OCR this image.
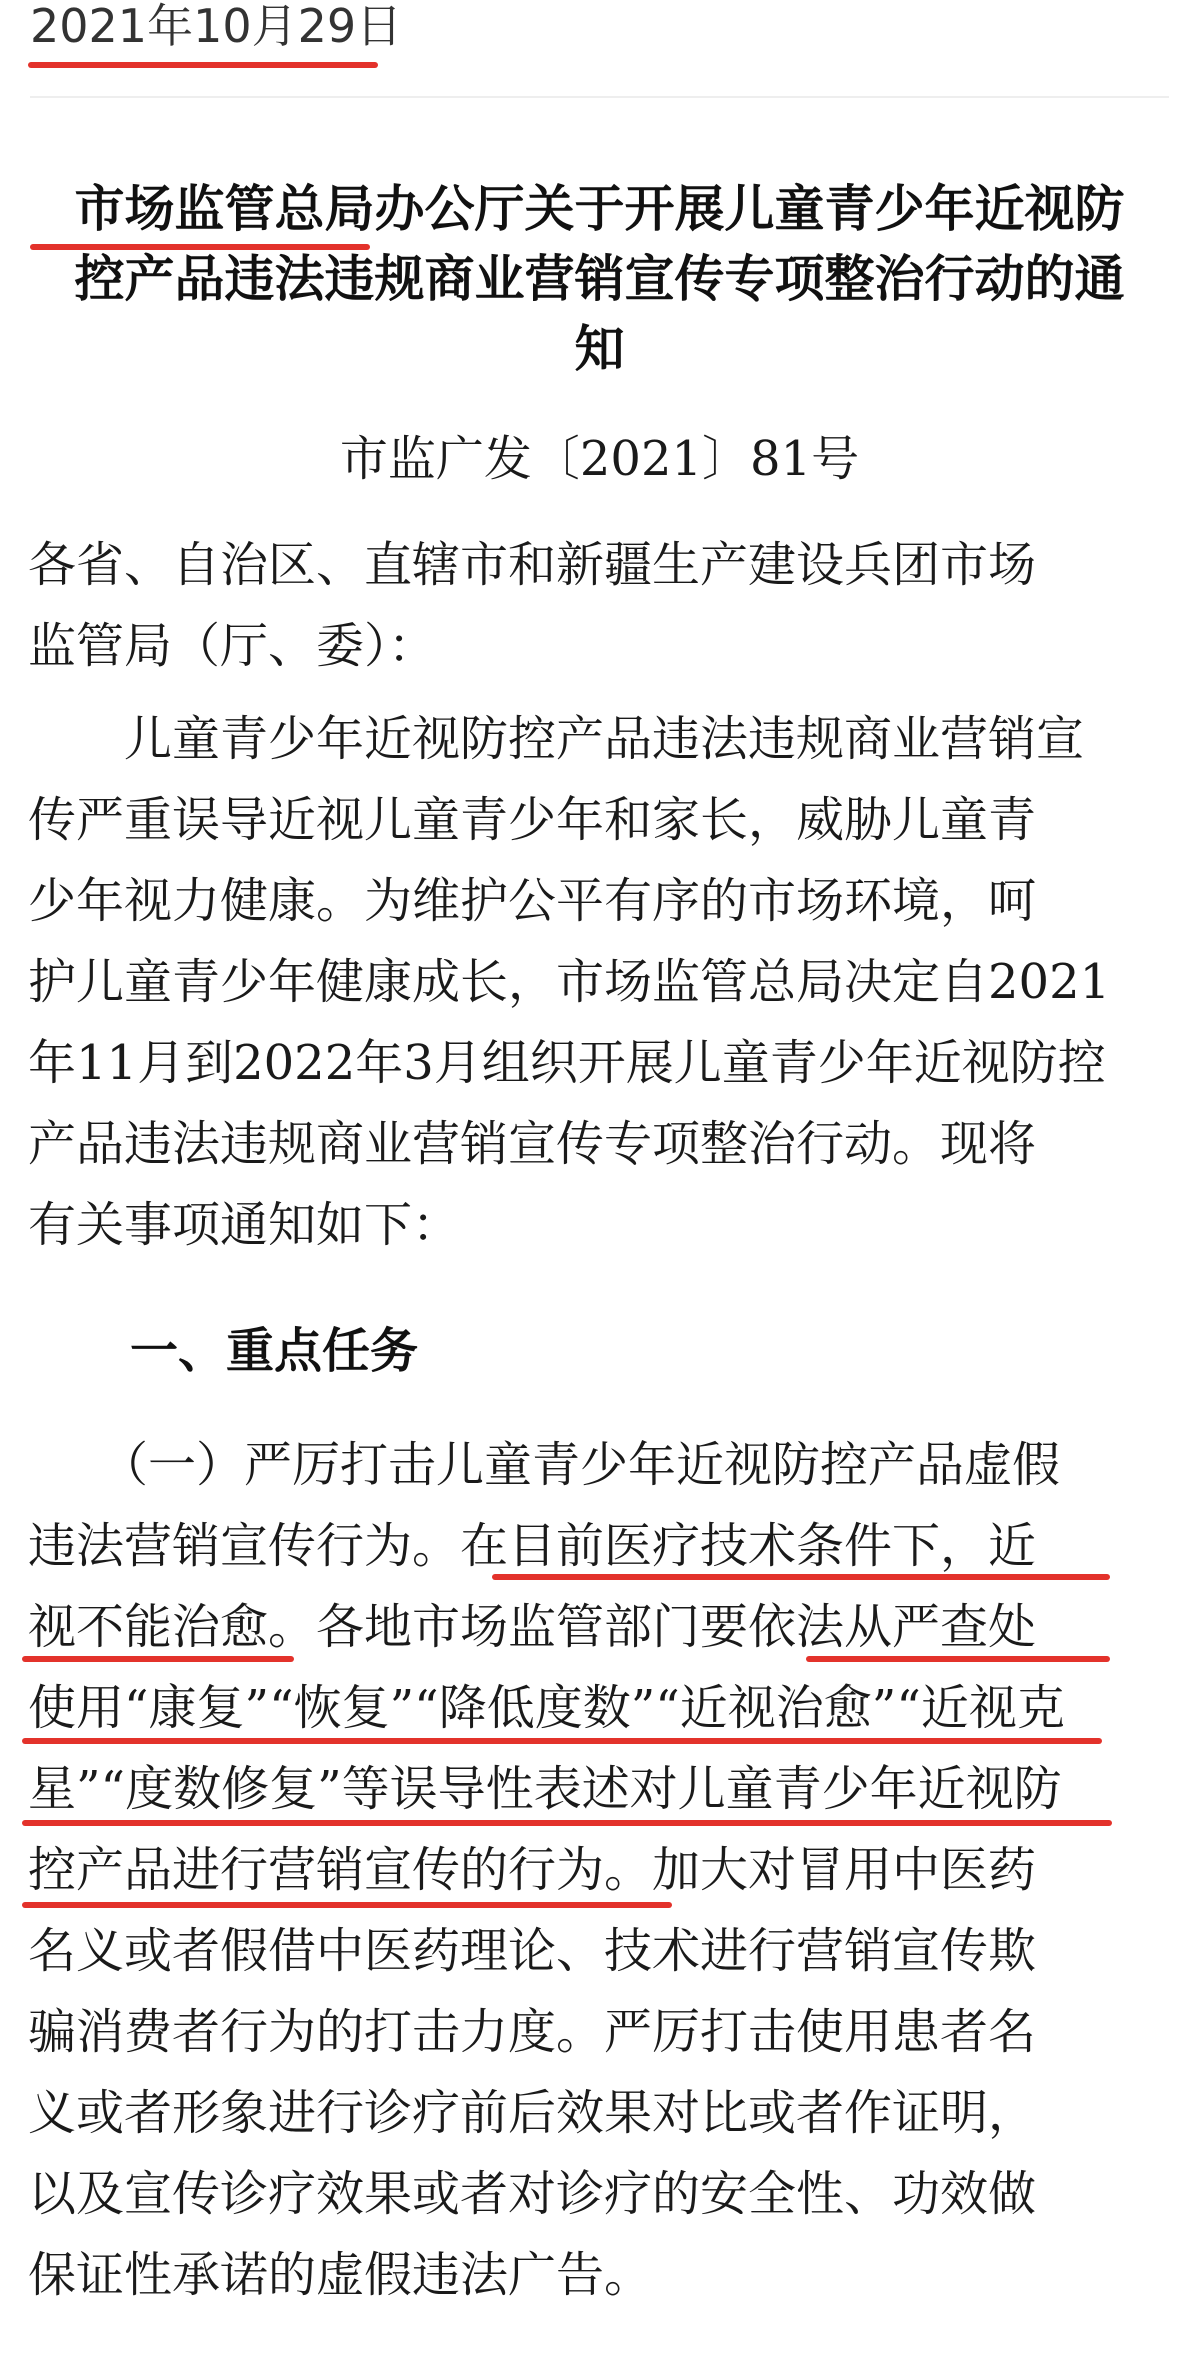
2021年10月29日
市场监管总局办公厅关于开展儿童青少年近视防
控产品违法违规商业营销宣传专项整治行动的通
知
市监广发〔2021〕81号
各省、自治区、直辖市和新疆生产建设兵团市场
监管局（厅、委）：
　　儿童青少年近视防控产品违法违规商业营销宣
传严重误导近视儿童青少年和家长，威胁儿童青
少年视力健康。为维护公平有序的市场环境，呵
护儿童青少年健康成长，市场监管总局决定自2021
年11月到2022年3月组织开展儿童青少年近视防控
产品违法违规商业营销宣传专项整治行动。现将
有关事项通知如下：
一、重点任务
　　（一）严厉打击儿童青少年近视防控产品虚假
违法营销宣传行为。在目前医疗技术条件下，近
视不能治愈。各地市场监管部门要依法从严查处
使用“康复”“恢复”“降低度数”“近视治愈”“近视克
星”“度数修复”等误导性表述对儿童青少年近视防
控产品进行营销宣传的行为。加大对冒用中医药
名义或者假借中医药理论、技术进行营销宣传欺
骗消费者行为的打击力度。严厉打击使用患者名
义或者形象进行诊疗前后效果对比或者作证明，
以及宣传诊疗效果或者对诊疗的安全性、功效做
保证性承诺的虚假违法广告。
